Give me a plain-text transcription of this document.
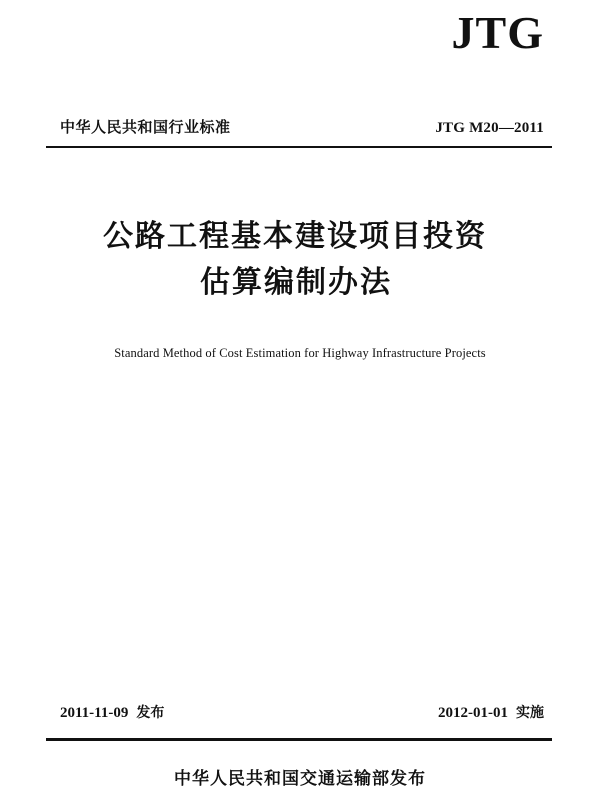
JTG
中华人民共和国行业标准	JTG M20—2011
公路工程基本建设项目投资
估算编制办法
Standard Method of Cost Estimation for Highway Infrastructure Projects
2011-11-09 发布	2012-01-01 实施
中华人民共和国交通运输部发布
